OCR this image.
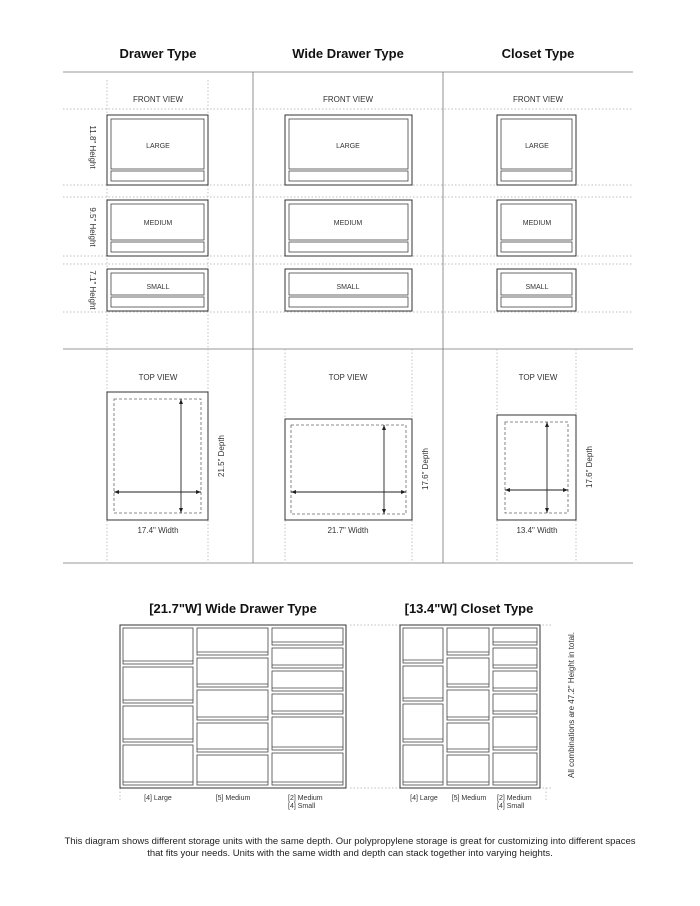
Drawer Type	Wide Drawer Type	Closet Type
11.8" Height
9.5" Height
7.1" Height
FRONT VIEW	FRONT VIEW	FRONT VIEW
LARGE
MEDIUM
SMALL
LARGE
MEDIUM
SMALL
LARGE
MEDIUM
SMALL
TOP VIEW	TOP VIEW	TOP VIEW
21.5" Depth
17.4" Width
17.6" Depth
21.7" Width
17.6" Depth
13.4" Width
[21.7"W] Wide Drawer Type	[13.4"W] Closet Type
All combinations are 47.2" Height in total.
[4] Large	[5] Medium	[2] Medium
[4] Small
[4] Large [5] Medium [2] Medium
[4] Small
This diagram shows different storage units with the same depth. Our polypropylene storage is great for customizing into different spaces that fits your needs. Units with the same width and depth can stack together into varying heights.
